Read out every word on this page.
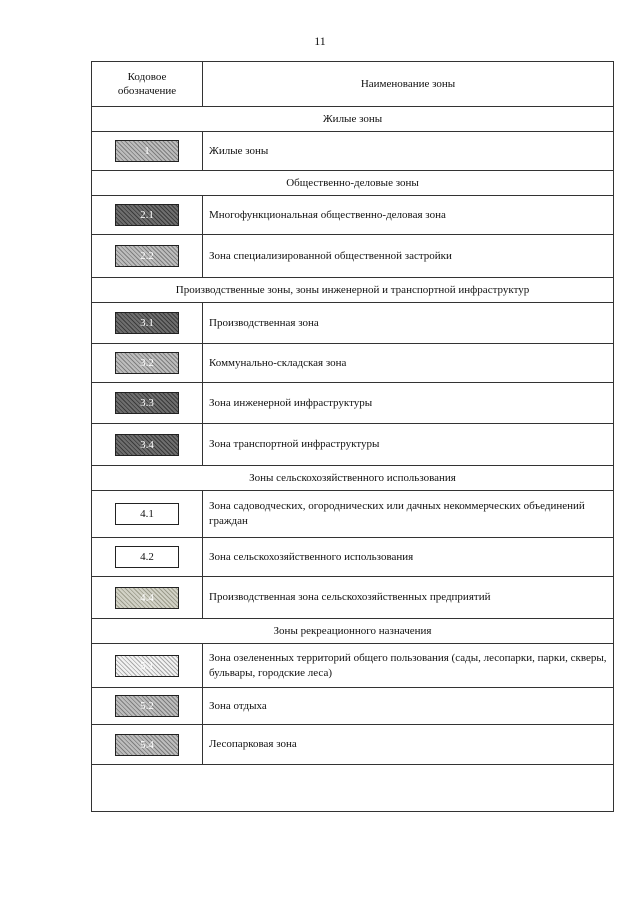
11
Кодовое обозначение	Наименование зоны
Жилые зоны	
1	Жилые зоны
Общественно-деловые зоны	
2.1	Многофункциональная общественно-деловая зона
2.2	Зона специализированной общественной застройки
Производственные зоны, зоны инженерной и транспортной инфраструктур	
3.1	Производственная зона
3.2	Коммунально-складская зона
3.3	Зона инженерной инфраструктуры
3.4	Зона транспортной инфраструктуры
Зоны сельскохозяйственного использования	
4.1	Зона садоводческих, огороднических или дачных некоммерческих объединений граждан
4.2	Зона сельскохозяйственного использования
4.4	Производственная зона сельскохозяйственных предприятий
Зоны рекреационного назначения	
5.1	Зона озелененных территорий общего пользования (сады, лесопарки, парки, скверы, бульвары, городские леса)
5.2	Зона отдыха
5.4	Лесопарковая зона
